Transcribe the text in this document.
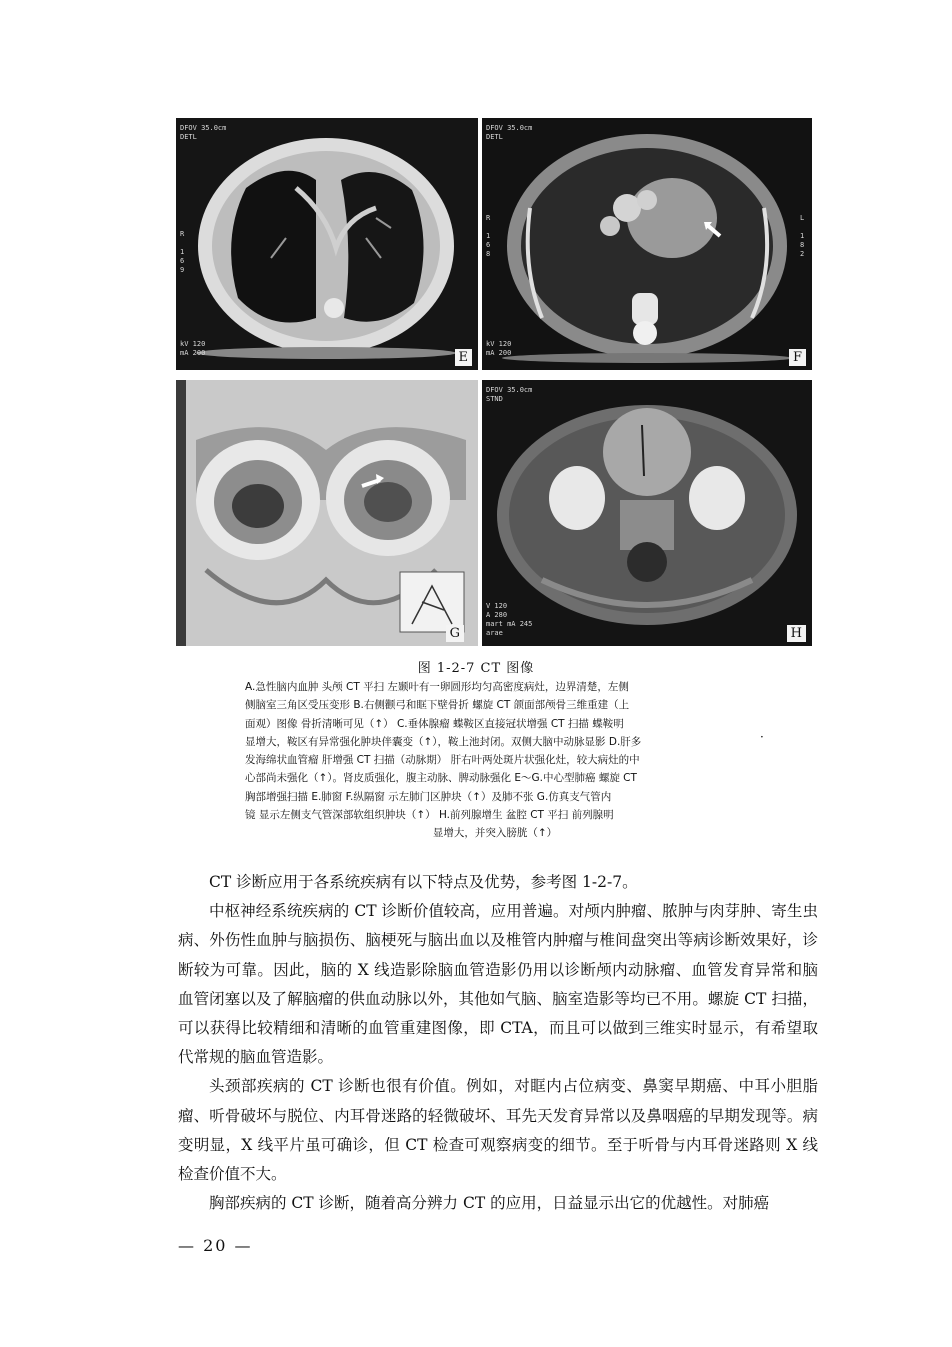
DFOV 35.0cm
DETL
R

1
6
9
kV 120
mA 200	E
DFOV 35.0cm
DETL
R

1
6
8
L

1
8
2
kV 120
mA 200	F
G
DFOV 35.0cm
STND
V 120
A 280
mart mA 245
arae	H
图 1-2-7 CT 图像

A.急性脑内血肿 头颅 CT 平扫 左颞叶有一卵圆形均匀高密度病灶，边界清楚，左侧

侧脑室三角区受压变形 B.右侧颧弓和眶下壁骨折 螺旋 CT 颌面部颅骨三维重建（上

面观）图像 骨折清晰可见（↑） C.垂体腺瘤 蝶鞍区直接冠状增强 CT 扫描 蝶鞍明

显增大，鞍区有异常强化肿块伴囊变（↑），鞍上池封闭。双侧大脑中动脉显影 D.肝多

发海绵状血管瘤 肝增强 CT 扫描（动脉期） 肝右叶两处斑片状强化灶，较大病灶的中

心部尚未强化（↑）。肾皮质强化，腹主动脉、脾动脉强化 E～G.中心型肺癌 螺旋 CT

胸部增强扫描 E.肺窗 F.纵隔窗 示左肺门区肿块（↑）及肺不张 G.仿真支气管内

镜 显示左侧支气管深部软组织肿块（↑） H.前列腺增生 盆腔 CT 平扫 前列腺明

显增大，并突入膀胱（↑）

·

CT 诊断应用于各系统疾病有以下特点及优势，参考图 1-2-7。

中枢神经系统疾病的 CT 诊断价值较高，应用普遍。对颅内肿瘤、脓肿与肉芽肿、寄生虫病、外伤性血肿与脑损伤、脑梗死与脑出血以及椎管内肿瘤与椎间盘突出等病诊断效果好，诊断较为可靠。因此，脑的 X 线造影除脑血管造影仍用以诊断颅内动脉瘤、血管发育异常和脑血管闭塞以及了解脑瘤的供血动脉以外，其他如气脑、脑室造影等均已不用。螺旋 CT 扫描，可以获得比较精细和清晰的血管重建图像，即 CTA，而且可以做到三维实时显示，有希望取代常规的脑血管造影。

头颈部疾病的 CT 诊断也很有价值。例如，对眶内占位病变、鼻窦早期癌、中耳小胆脂瘤、听骨破坏与脱位、内耳骨迷路的轻微破坏、耳先天发育异常以及鼻咽癌的早期发现等。病变明显，X 线平片虽可确诊，但 CT 检查可观察病变的细节。至于听骨与内耳骨迷路则 X 线检查价值不大。

胸部疾病的 CT 诊断，随着高分辨力 CT 的应用，日益显示出它的优越性。对肺癌

— 20 —
